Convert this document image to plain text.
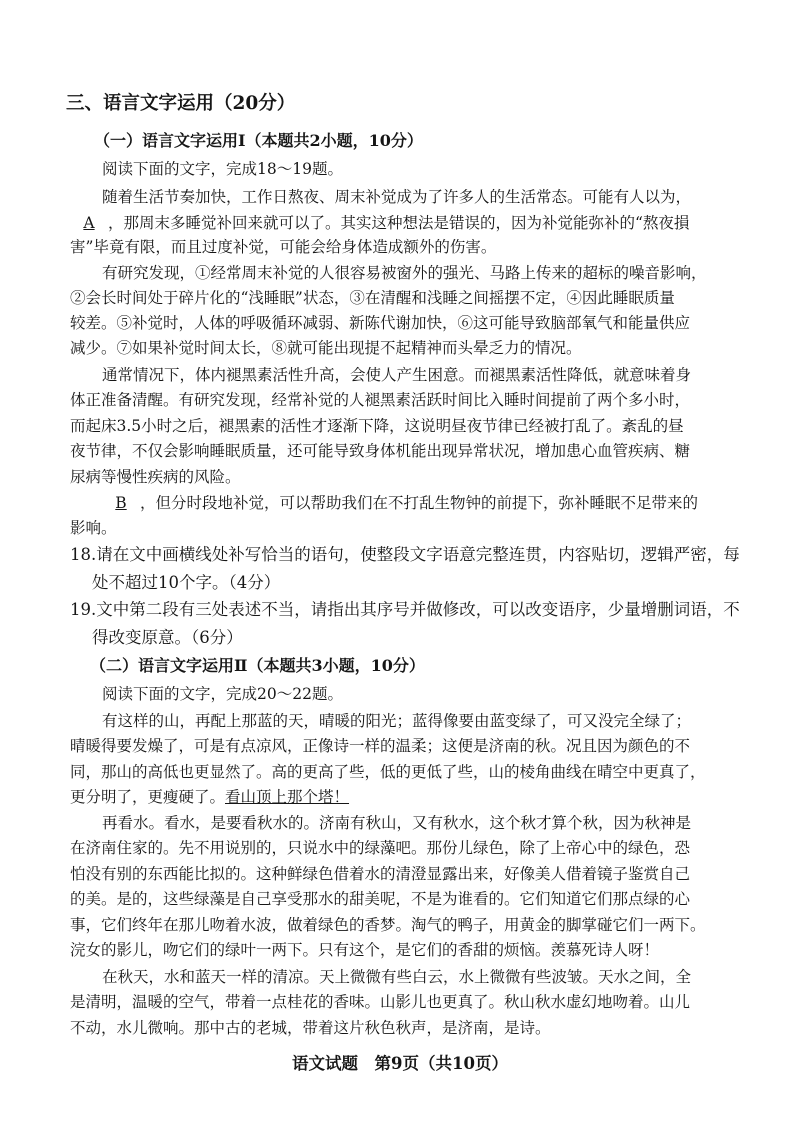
三、语言文字运用（20分）
（一）语言文字运用Ⅰ（本题共2小题，10分）
阅读下面的文字，完成18～19题。
随着生活节奏加快，工作日熬夜、周末补觉成为了许多人的生活常态。可能有人以为，
A ，那周末多睡觉补回来就可以了。其实这种想法是错误的，因为补觉能弥补的“熬夜損
害”毕竟有限，而且过度补觉，可能会给身体造成额外的伤害。
有研究发现，①经常周末补觉的人很容易被窗外的强光、马路上传来的超标的噪音影响，
②会长时间处于碎片化的“浅睡眠”状态，③在清醒和浅睡之间摇摆不定，④因此睡眠质量
较差。⑤补觉时，人体的呼吸循环减弱、新陈代谢加快，⑥这可能导致脑部氧气和能量供应
减少。⑦如果补觉时间太长，⑧就可能出现提不起精神而头晕乏力的情况。
通常情况下，体内褪黑素活性升高，会使人产生困意。而褪黑素活性降低，就意味着身
体正准备清醒。有研究发现，经常补觉的人褪黑素活跃时间比入睡时间提前了两个多小时，
而起床3.5小时之后，褪黑素的活性才逐渐下降，这说明昼夜节律已经被打乱了。紊乱的昼
夜节律，不仅会影响睡眠质量，还可能导致身体机能出现异常状况，增加患心血管疾病、糖
尿病等慢性疾病的风险。
B ，但分时段地补觉，可以帮助我们在不打乱生物钟的前提下，弥补睡眠不足带来的
影响。
18.请在文中画横线处补写恰当的语句，使整段文字语意完整连贯，内容贴切，逻辑严密，每
处不超过10个字。（4分）
19.文中第二段有三处表述不当，请指出其序号并做修改，可以改变语序，少量增删词语，不
得改变原意。（6分）
（二）语言文字运用Ⅱ（本题共3小题，10分）
阅读下面的文字，完成20～22题。
有这样的山，再配上那蓝的天，晴暖的阳光；蓝得像要由蓝变绿了，可又没完全绿了；
晴暖得要发燥了，可是有点凉风，正像诗一样的温柔；这便是济南的秋。况且因为颜色的不
同，那山的高低也更显然了。高的更高了些，低的更低了些，山的棱角曲线在晴空中更真了，
更分明了，更瘦硬了。看山顶上那个塔！
再看水。看水，是要看秋水的。济南有秋山，又有秋水，这个秋才算个秋，因为秋神是
在济南住家的。先不用说别的，只说水中的绿藻吧。那份儿绿色，除了上帝心中的绿色，恐
怕没有别的东西能比拟的。这种鲜绿色借着水的清澄显露出来，好像美人借着镜子鉴赏自己
的美。是的，这些绿藻是自己享受那水的甜美呢，不是为谁看的。它们知道它们那点绿的心
事，它们终年在那儿吻着水波，做着绿色的香梦。淘气的鸭子，用黄金的脚掌碰它们一两下。
浣女的影儿，吻它们的绿叶一两下。只有这个，是它们的香甜的烦恼。羡慕死诗人呀！
在秋天，水和蓝天一样的清凉。天上微微有些白云，水上微微有些波皱。天水之间，全
是清明，温暖的空气，带着一点桂花的香味。山影儿也更真了。秋山秋水虚幻地吻着。山儿
不动，水儿微响。那中古的老城，带着这片秋色秋声，是济南，是诗。
语文试题　第9页（共10页）
